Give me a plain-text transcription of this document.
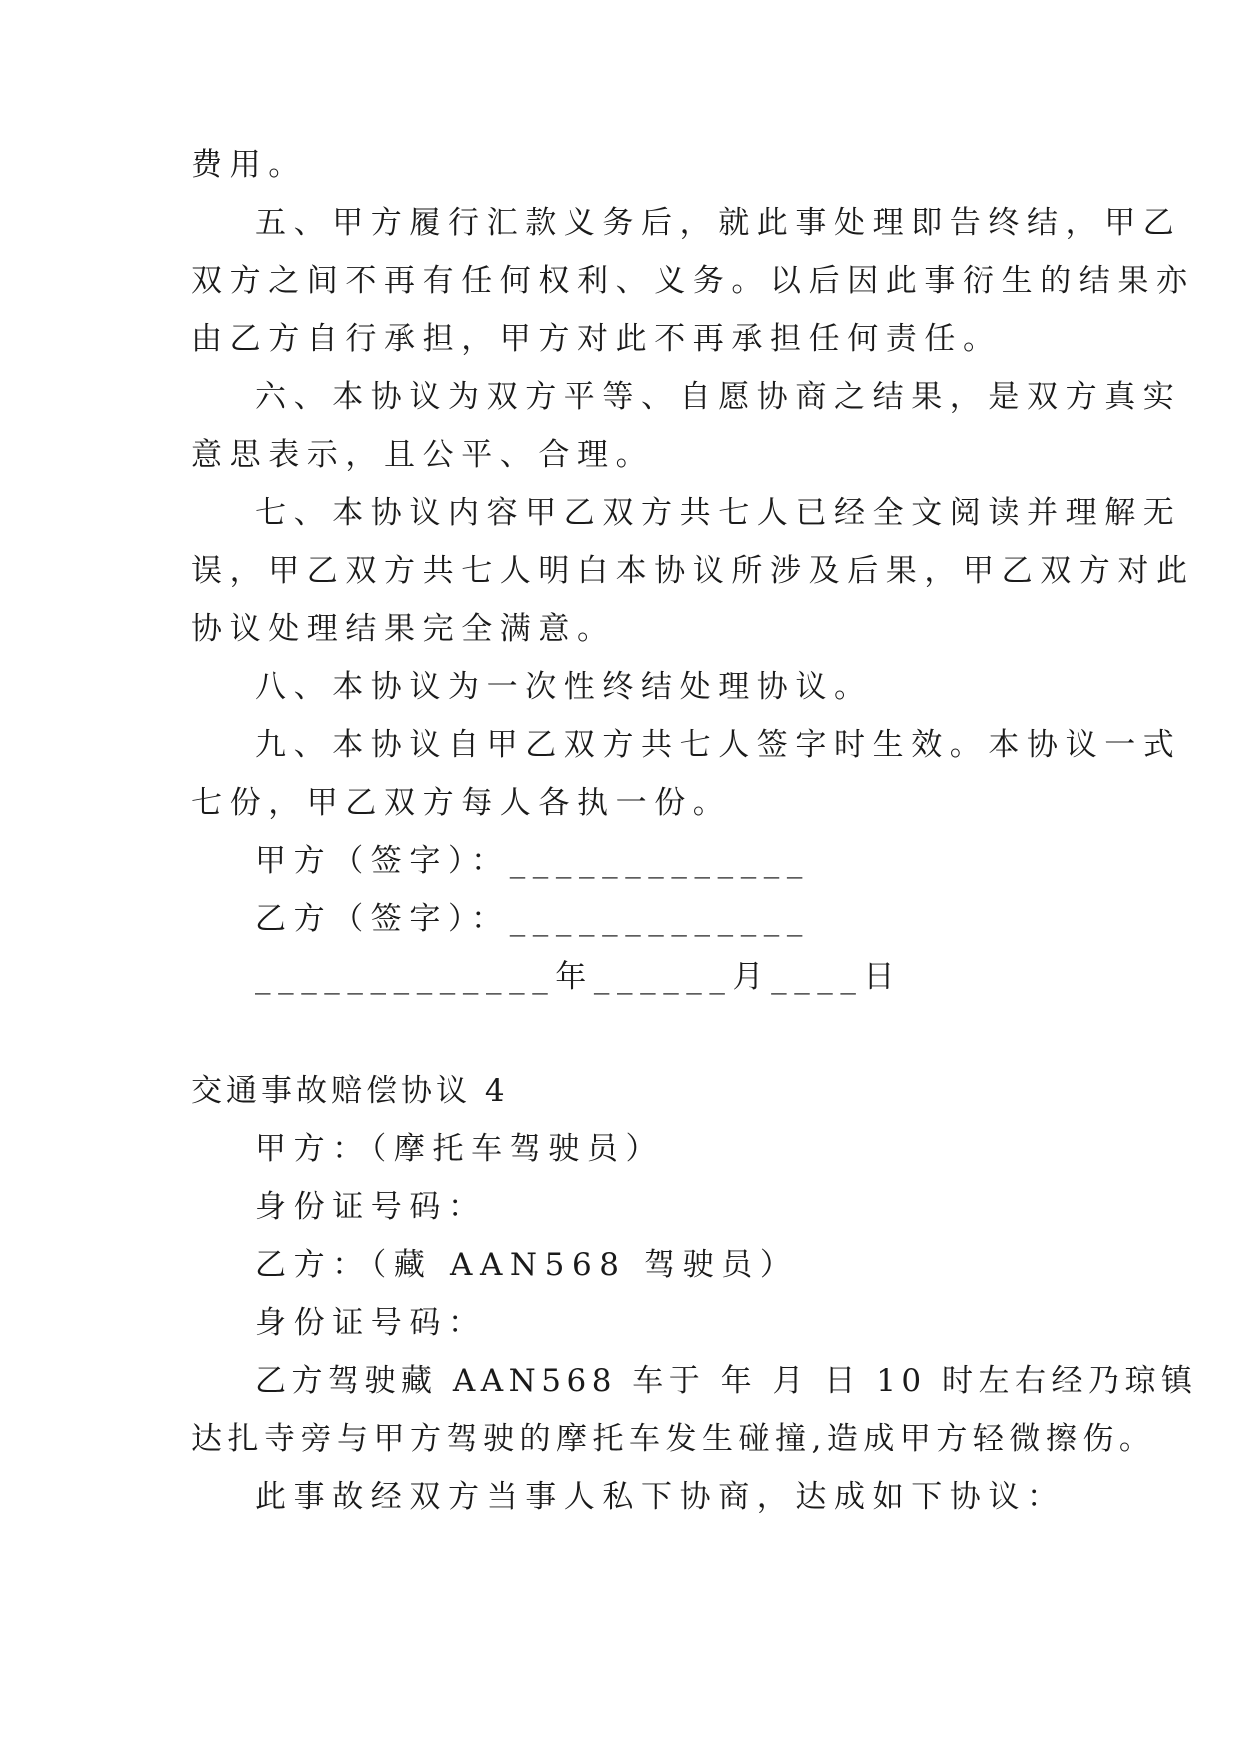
费用。
五、甲方履行汇款义务后，就此事处理即告终结，甲乙
双方之间不再有任何权利、义务。以后因此事衍生的结果亦
由乙方自行承担，甲方对此不再承担任何责任。
六、本协议为双方平等、自愿协商之结果，是双方真实
意思表示，且公平、合理。
七、本协议内容甲乙双方共七人已经全文阅读并理解无
误，甲乙双方共七人明白本协议所涉及后果，甲乙双方对此
协议处理结果完全满意。
八、本协议为一次性终结处理协议。
九、本协议自甲乙双方共七人签字时生效。本协议一式
七份，甲乙双方每人各执一份。
甲方（签字）：_____________
乙方（签字）：_____________
_____________年______月____日
交通事故赔偿协议 4
甲方：（摩托车驾驶员）
身份证号码：
乙方：（藏 AAN568 驾驶员）
身份证号码：
乙方驾驶藏 AAN568 车于 年 月 日 10 时左右经乃琼镇
达扎寺旁与甲方驾驶的摩托车发生碰撞,造成甲方轻微擦伤。
此事故经双方当事人私下协商，达成如下协议：
